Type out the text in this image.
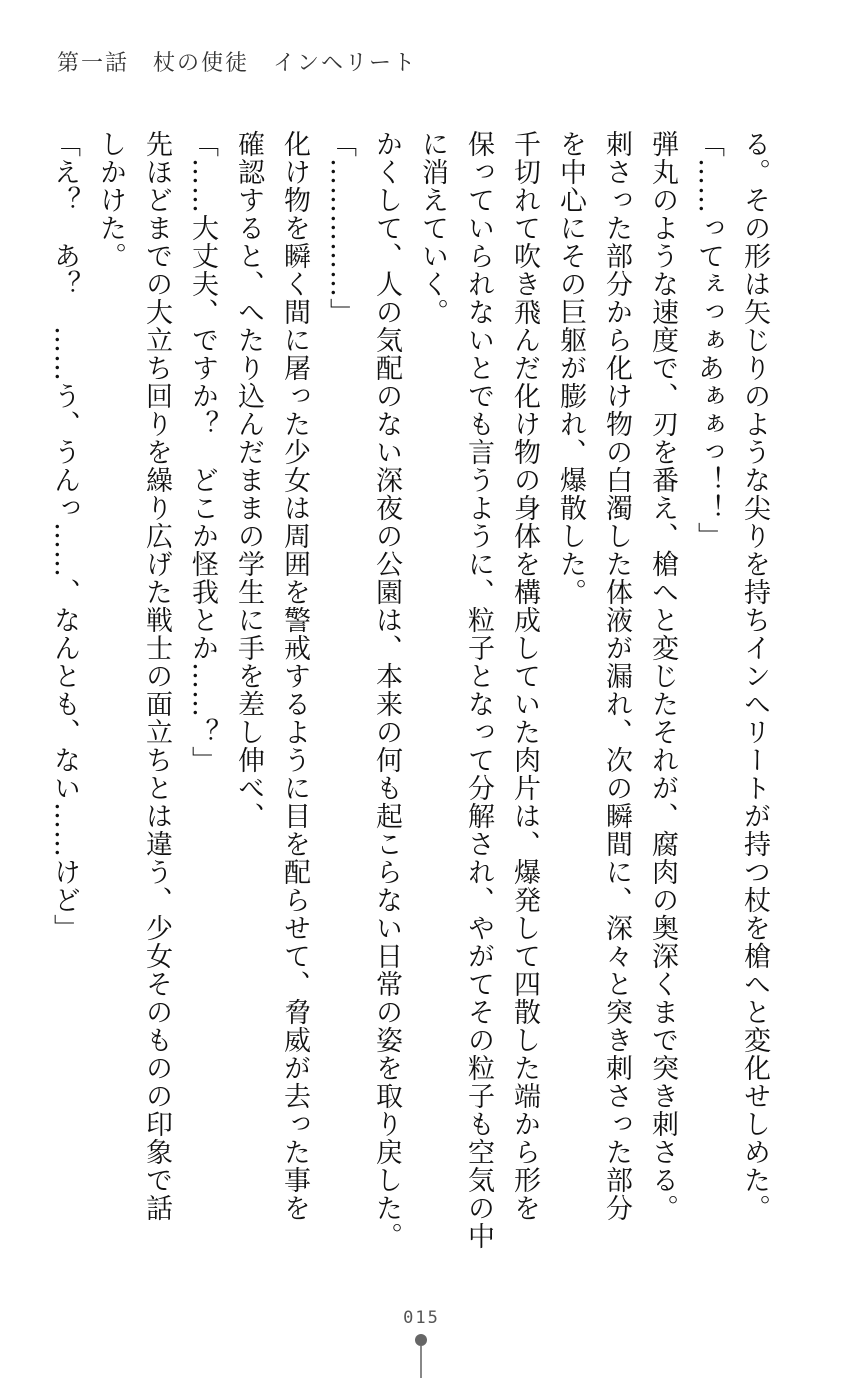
第一話　杖の使徒　インヘリート
る。その形は矢じりのような尖りを持ちインへリートが持つ杖を槍へと変化せしめた。
「……ってぇっぁあぁぁっ！！」
弾丸のような速度で、刃を番え、槍へと変じたそれが、腐肉の奥深くまで突き刺さる。
刺さった部分から化け物の白濁した体液が漏れ、次の瞬間に、深々と突き刺さった部分
を中心にその巨躯が膨れ、爆散した。
千切れて吹き飛んだ化け物の身体を構成していた肉片は、爆発して四散した端から形を
保っていられないとでも言うように、粒子となって分解され、やがてその粒子も空気の中
に消えていく。
かくして、人の気配のない深夜の公園は、本来の何も起こらない日常の姿を取り戻した。
「……………」
化け物を瞬く間に屠った少女は周囲を警戒するように目を配らせて、脅威が去った事を
確認すると、へたり込んだままの学生に手を差し伸べ、
「……大丈夫、ですか？　どこか怪我とか……？」
先ほどまでの大立ち回りを繰り広げた戦士の面立ちとは違う、少女そのものの印象で話
しかけた。
「え？　あ？　……う、うんっ……、なんとも、ない……けど」
015
